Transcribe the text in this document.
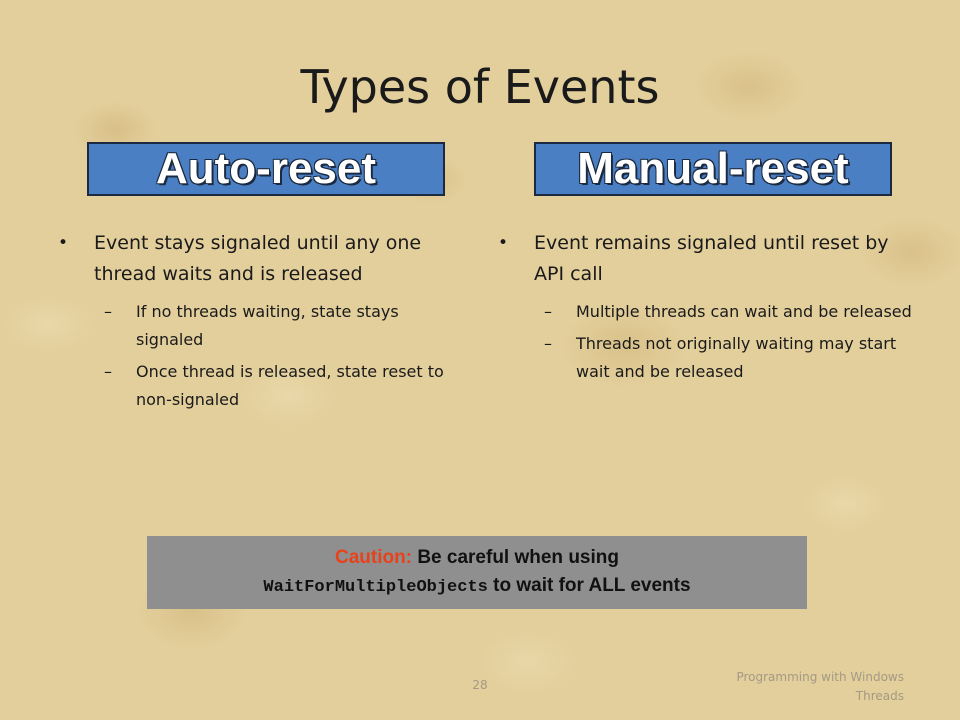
Types of Events
Auto-reset	Manual-reset
•	Event stays signaled until any one thread waits and is released
–	If no threads waiting, state stays signaled
–	Once thread is released, state reset to non-signaled
•	Event remains signaled until reset by API call
–	Multiple threads can wait and be released
–	Threads not originally waiting may start wait and be released
Caution: Be careful when using
WaitForMultipleObjects to wait for ALL events
28
Programming with Windows
Threads
